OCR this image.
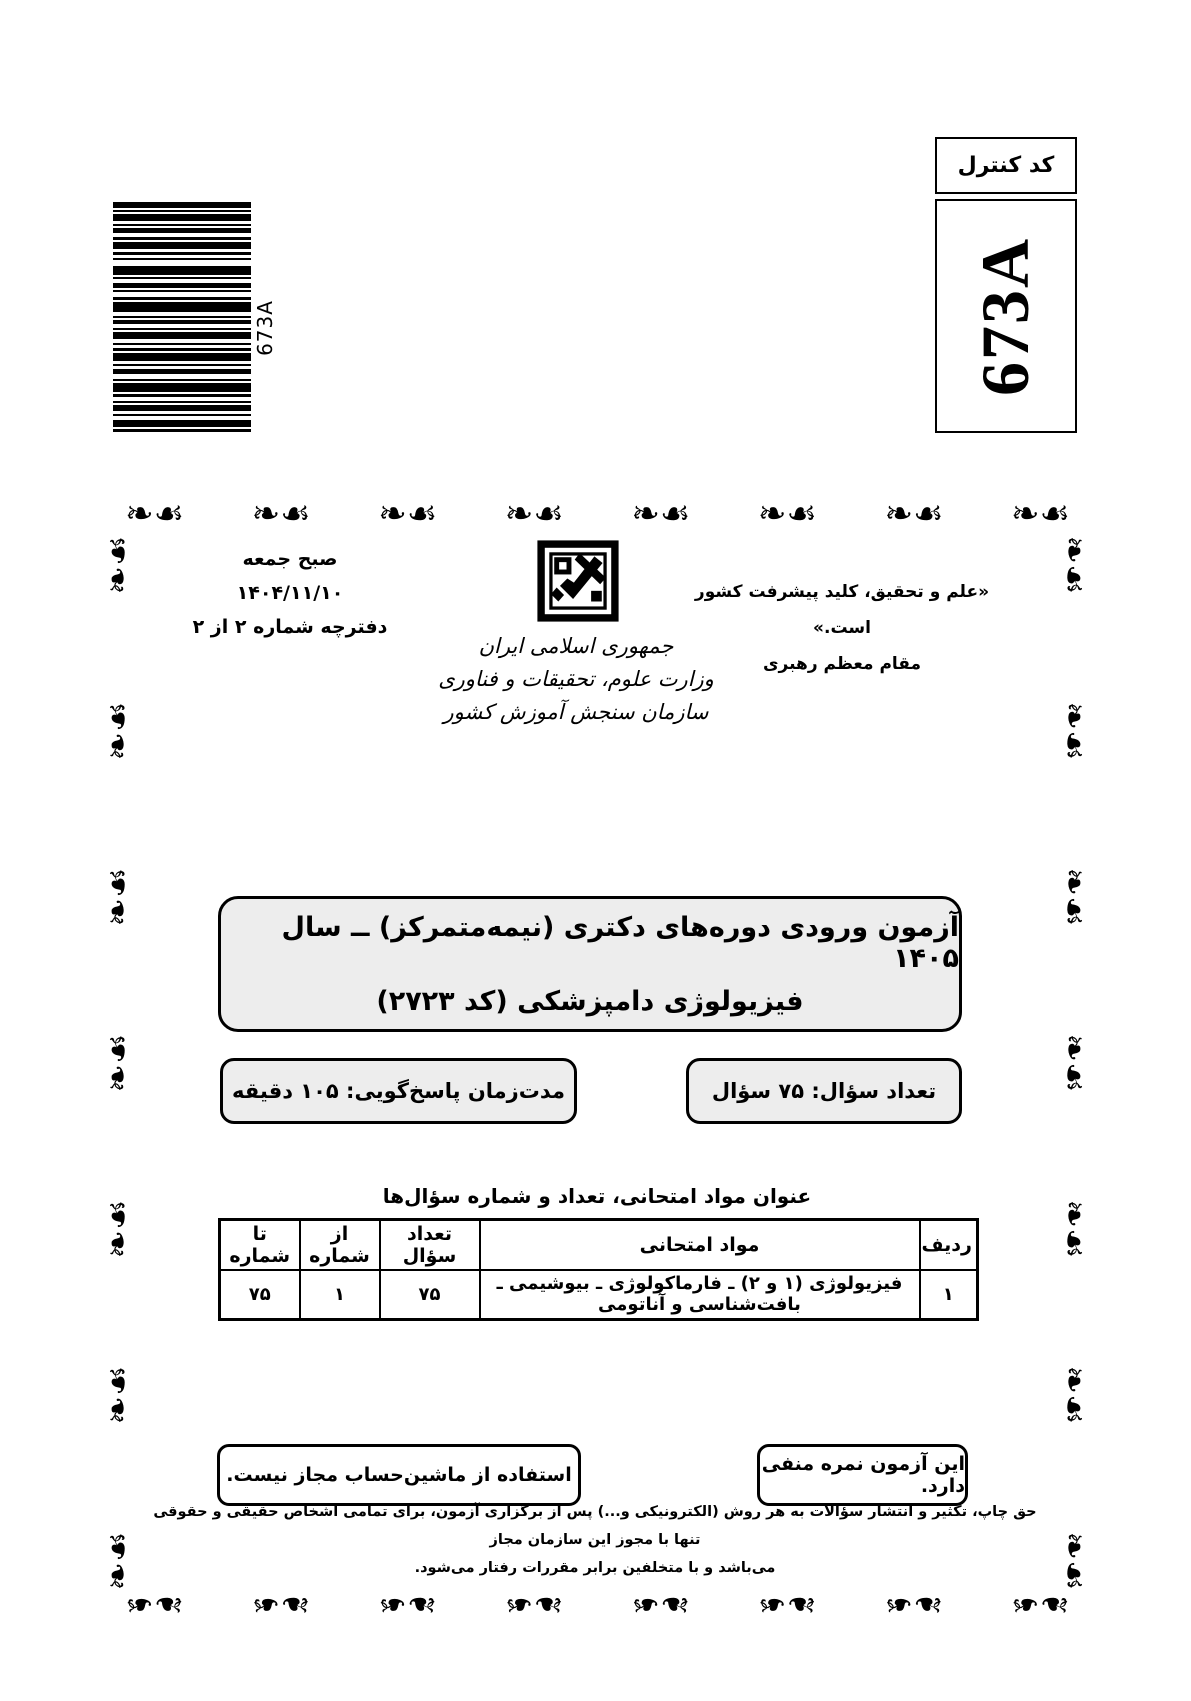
673A
کد کنترل
673A
☙❧
☙❧
☙❧
☙❧
☙❧
☙❧
☙❧
☙❧
☙❧
☙❧
☙❧
☙❧
☙❧
☙❧
☙❧
☙❧
☙❧
☙❧
☙❧
☙❧
☙❧
☙❧
☙❧
☙❧
☙❧
☙❧
☙❧
☙❧
☙❧
☙❧
صبح جمعه
۱۴۰۴/۱۱/۱۰
دفترچه شماره ۲ از ۲
جمهوری اسلامی ایران
وزارت علوم، تحقیقات و فناوری
سازمان سنجش آموزش کشور
«علم و تحقیق، کلید پیشرفت کشور است.»
مقام معظم رهبری
آزمون ورودی دوره‌های دکتری (نیمه‌متمرکز) ــ سال ۱۴۰۵
فیزیولوژی دامپزشکی (کد ۲۷۲۳)
تعداد سؤال: ۷۵ سؤال
مدت‌زمان پاسخ‌گویی: ۱۰۵ دقیقه
عنوان مواد امتحانی، تعداد و شماره سؤال‌ها
ردیف	مواد امتحانی	تعداد سؤال	از شماره	تا شماره
۱	فیزیولوژی (۱ و ۲) ـ فارماکولوژی ـ بیوشیمی ـ بافت‌شناسی و آناتومی	۷۵	۱	۷۵
این آزمون نمره منفی دارد.
استفاده از ماشین‌حساب مجاز نیست.
حق چاپ، تکثیر و انتشار سؤالات به هر روش (الکترونیکی و...) پس از برگزاری آزمون، برای تمامی اشخاص حقیقی و حقوقی تنها با مجوز این سازمان مجاز
می‌باشد و با متخلفین برابر مقررات رفتار می‌شود.
